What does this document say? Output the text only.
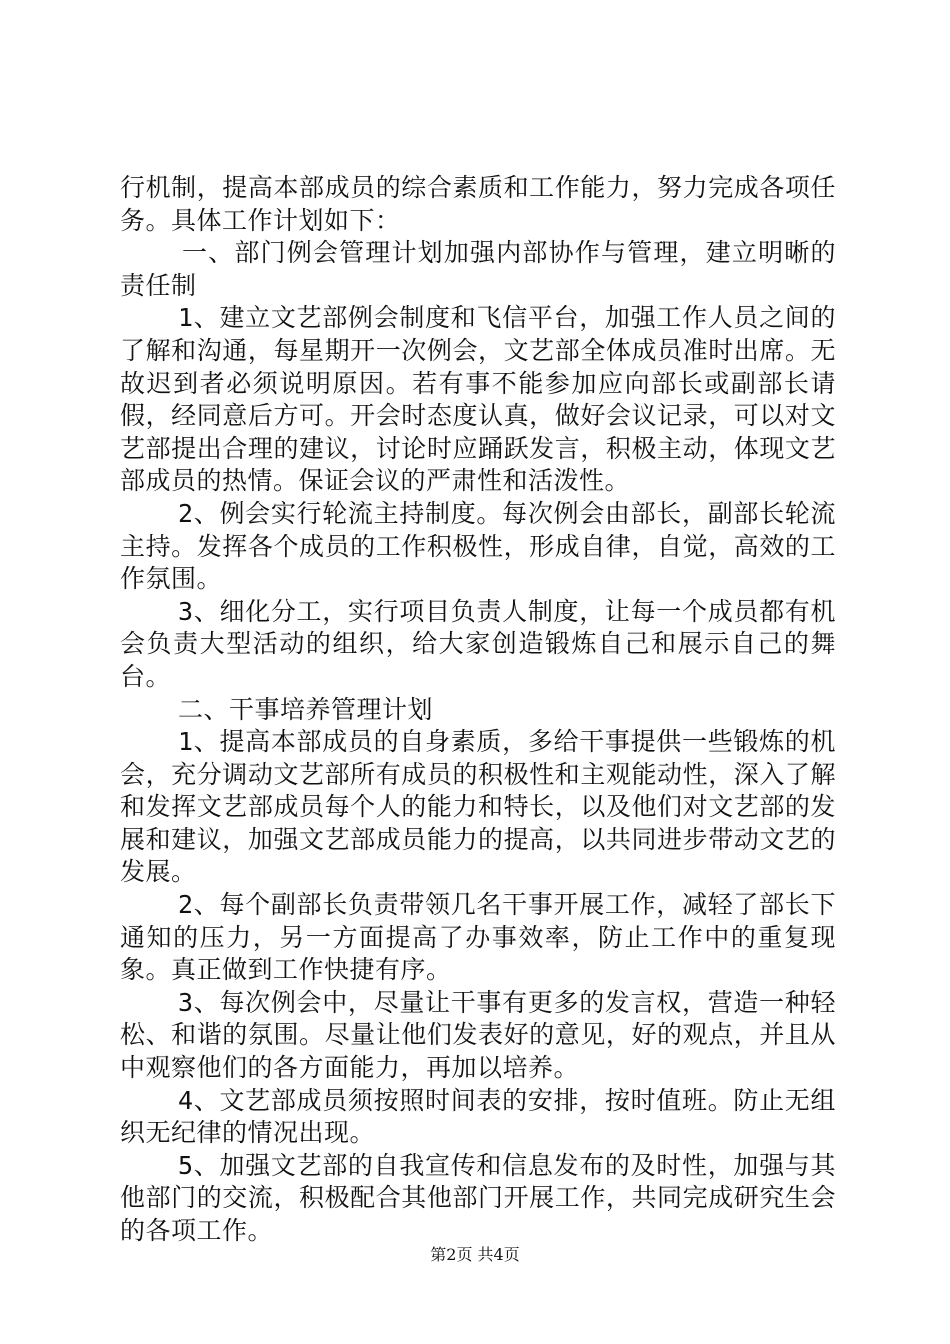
行机制，提高本部成员的综合素质和工作能力，努力完成各项任务。具体工作计划如下：

一、部门例会管理计划加强内部协作与管理，建立明晰的责任制

1、建立文艺部例会制度和飞信平台，加强工作人员之间的了解和沟通，每星期开一次例会，文艺部全体成员准时出席。无故迟到者必须说明原因。若有事不能参加应向部长或副部长请假，经同意后方可。开会时态度认真，做好会议记录，可以对文艺部提出合理的建议，讨论时应踊跃发言，积极主动，体现文艺部成员的热情。保证会议的严肃性和活泼性。

2、例会实行轮流主持制度。每次例会由部长，副部长轮流主持。发挥各个成员的工作积极性，形成自律，自觉，高效的工作氛围。

3、细化分工，实行项目负责人制度，让每一个成员都有机会负责大型活动的组织，给大家创造锻炼自己和展示自己的舞台。

二、干事培养管理计划

1、提高本部成员的自身素质，多给干事提供一些锻炼的机会，充分调动文艺部所有成员的积极性和主观能动性，深入了解和发挥文艺部成员每个人的能力和特长，以及他们对文艺部的发展和建议，加强文艺部成员能力的提高，以共同进步带动文艺的发展。

2、每个副部长负责带领几名干事开展工作，减轻了部长下通知的压力，另一方面提高了办事效率，防止工作中的重复现象。真正做到工作快捷有序。

3、每次例会中，尽量让干事有更多的发言权，营造一种轻松、和谐的氛围。尽量让他们发表好的意见，好的观点，并且从中观察他们的各方面能力，再加以培养。

4、文艺部成员须按照时间表的安排，按时值班。防止无组织无纪律的情况出现。

5、加强文艺部的自我宣传和信息发布的及时性，加强与其他部门的交流，积极配合其他部门开展工作，共同完成研究生会的各项工作。

第2页 共4页
